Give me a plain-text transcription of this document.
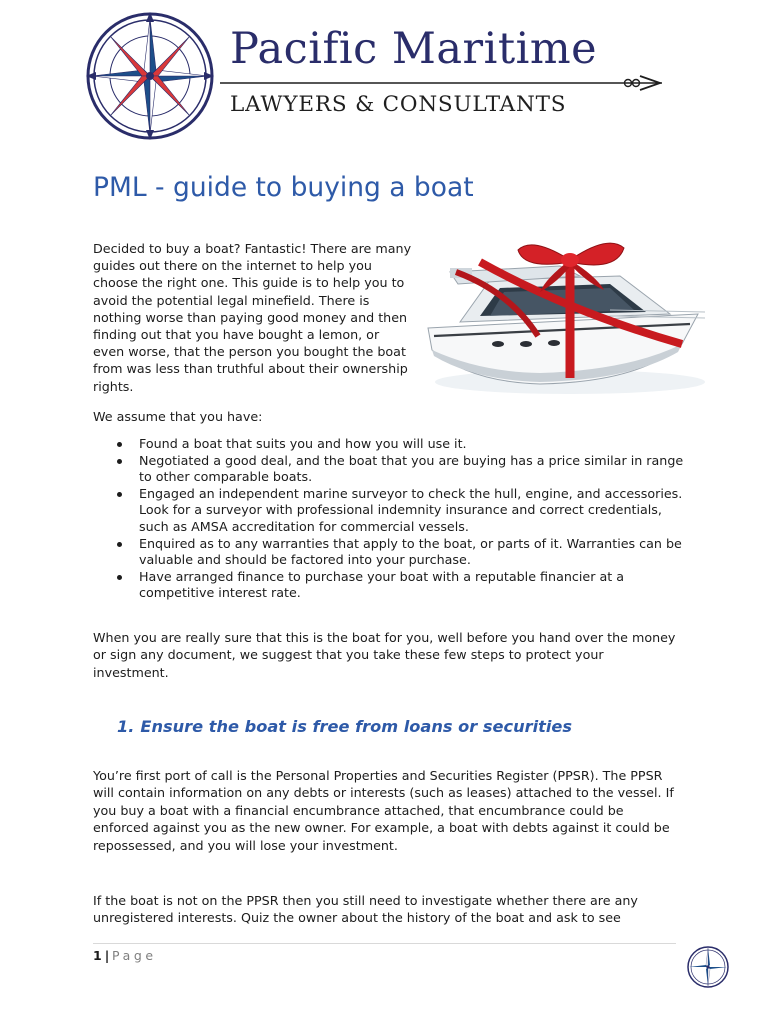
Pacific Maritime
LAWYERS & CONSULTANTS
PML - guide to buying a boat

Decided to buy a boat? Fantastic! There are many guides out there on the internet to help you choose the right one. This guide is to help you to avoid the potential legal minefield. There is nothing worse than paying good money and then finding out that you have bought a lemon, or even worse, that the person you bought the boat from was less than truthful about their ownership rights.

We assume that you have:

Found a boat that suits you and how you will use it.
Negotiated a good deal, and the boat that you are buying has a price similar in range to other comparable boats.
Engaged an independent marine surveyor to check the hull, engine, and accessories. Look for a surveyor with professional indemnity insurance and correct credentials, such as AMSA accreditation for commercial vessels.
Enquired as to any warranties that apply to the boat, or parts of it. Warranties can be valuable and should be factored into your purchase.
Have arranged finance to purchase your boat with a reputable financier at a competitive interest rate.

When you are really sure that this is the boat for you, well before you hand over the money or sign any document, we suggest that you take these few steps to protect your investment.

1. Ensure the boat is free from loans or securities

You’re first port of call is the Personal Properties and Securities Register (PPSR). The PPSR will contain information on any debts or interests (such as leases) attached to the vessel. If you buy a boat with a financial encumbrance attached, that encumbrance could be enforced against you as the new owner. For example, a boat with debts against it could be repossessed, and you will lose your investment.

If the boat is not on the PPSR then you still need to investigate whether there are any unregistered interests. Quiz the owner about the history of the boat and ask to see

1 | Page
